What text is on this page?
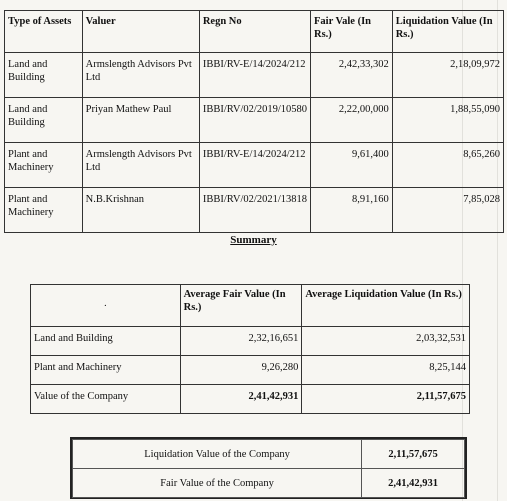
Type of Assets	Valuer	Regn No	Fair Vale (In Rs.)	Liquidation Value (In Rs.)
Land and Building	Armslength Advisors Pvt Ltd	IBBI/RV-E/14/2024/212	2,42,33,302	2,18,09,972
Land and Building	Priyan Mathew Paul	IBBI/RV/02/2019/10580	2,22,00,000	1,88,55,090
Plant and Machinery	Armslength Advisors Pvt Ltd	IBBI/RV-E/14/2024/212	9,61,400	8,65,260
Plant and Machinery	N.B.Krishnan	IBBI/RV/02/2021/13818	8,91,160	7,85,028
Summary
·	Average Fair Value (In Rs.)	Average Liquidation Value (In Rs.)
Land and Building	2,32,16,651	2,03,32,531
Plant and Machinery	9,26,280	8,25,144
Value of the Company	2,41,42,931	2,11,57,675
Liquidation Value of the Company	2,11,57,675
Fair Value of the Company	2,41,42,931
